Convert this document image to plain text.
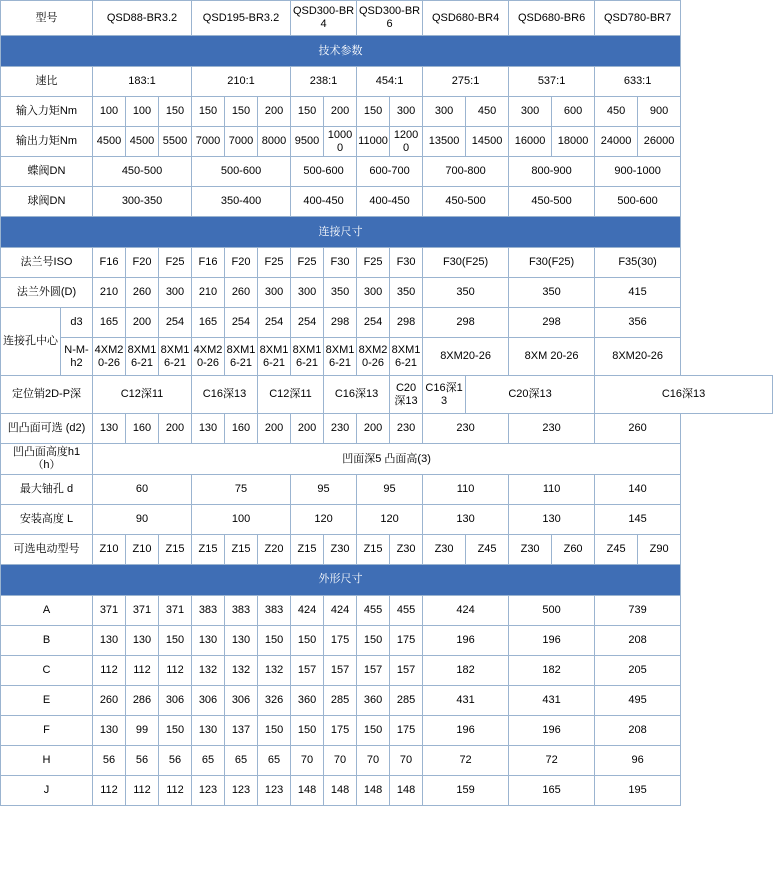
型号		QSD88-BR3.2			QSD195-BR3.2			QSD300-BR4		QSD300-BR6		QSD680-BR4		QSD680-BR6		QSD780-BR7	
技术参数																	
速比		183:1			210:1			238:1		454:1		275:1		537:1		633:1	
输入力矩Nm		100	100	150	150	150	200	150	200	150	300	300	450	300	600	450	900
输出力矩Nm		4500	4500	5500	7000	7000	8000	9500	10000	11000	12000	13500	14500	16000	18000	24000	26000
蝶阀DN		450-500			500-600			500-600		600-700		700-800		800-900		900-1000	
球阀DN		300-350			350-400			400-450		400-450		450-500		450-500		500-600	
连接尺寸																	
法兰号ISO		F16	F20	F25	F16	F20	F25	F25	F30	F25	F30	F30(F25)		F30(F25)		F35(30)	
法兰外圆(D)		210	260	300	210	260	300	300	350	300	350	350		350		415	
连接孔中心	d3	165	200	254	165	254	254	254	298	254	298	298		298		356	
	N-M-h2	4XM20-26	8XM16-21	8XM16-21	4XM20-26	8XM16-21	8XM16-21	8XM16-21	8XM16-21	8XM20-26	8XM16-21	8XM20-26		8XM 20-26		8XM20-26	
定位销2D-P深		C12深11			C16深13		C12深11		C16深13		C20深13	C16深13	C20深13			C16深13	
凹凸面可选 (d2)		130	160	200	130	160	200	200	230	200	230	230		230		260	
凹凸面高度h1（h）		凹面深5 凸面高(3)															
最大铀孔 d		60			75			95		95		110		110		140	
安装高度 L		90			100			120		120		130		130		145	
可选电动型号		Z10	Z10	Z15	Z15	Z15	Z20	Z15	Z30	Z15	Z30	Z30	Z45	Z30	Z60	Z45	Z90
外形尺寸																	
A		371	371	371	383	383	383	424	424	455	455	424		500		739	
B		130	130	150	130	130	150	150	175	150	175	196		196		208	
C		112	112	112	132	132	132	157	157	157	157	182		182		205	
E		260	286	306	306	306	326	360	285	360	285	431		431		495	
F		130	99	150	130	137	150	150	175	150	175	196		196		208	
H		56	56	56	65	65	65	70	70	70	70	72		72		96	
J		112	112	112	123	123	123	148	148	148	148	159		165		195	
